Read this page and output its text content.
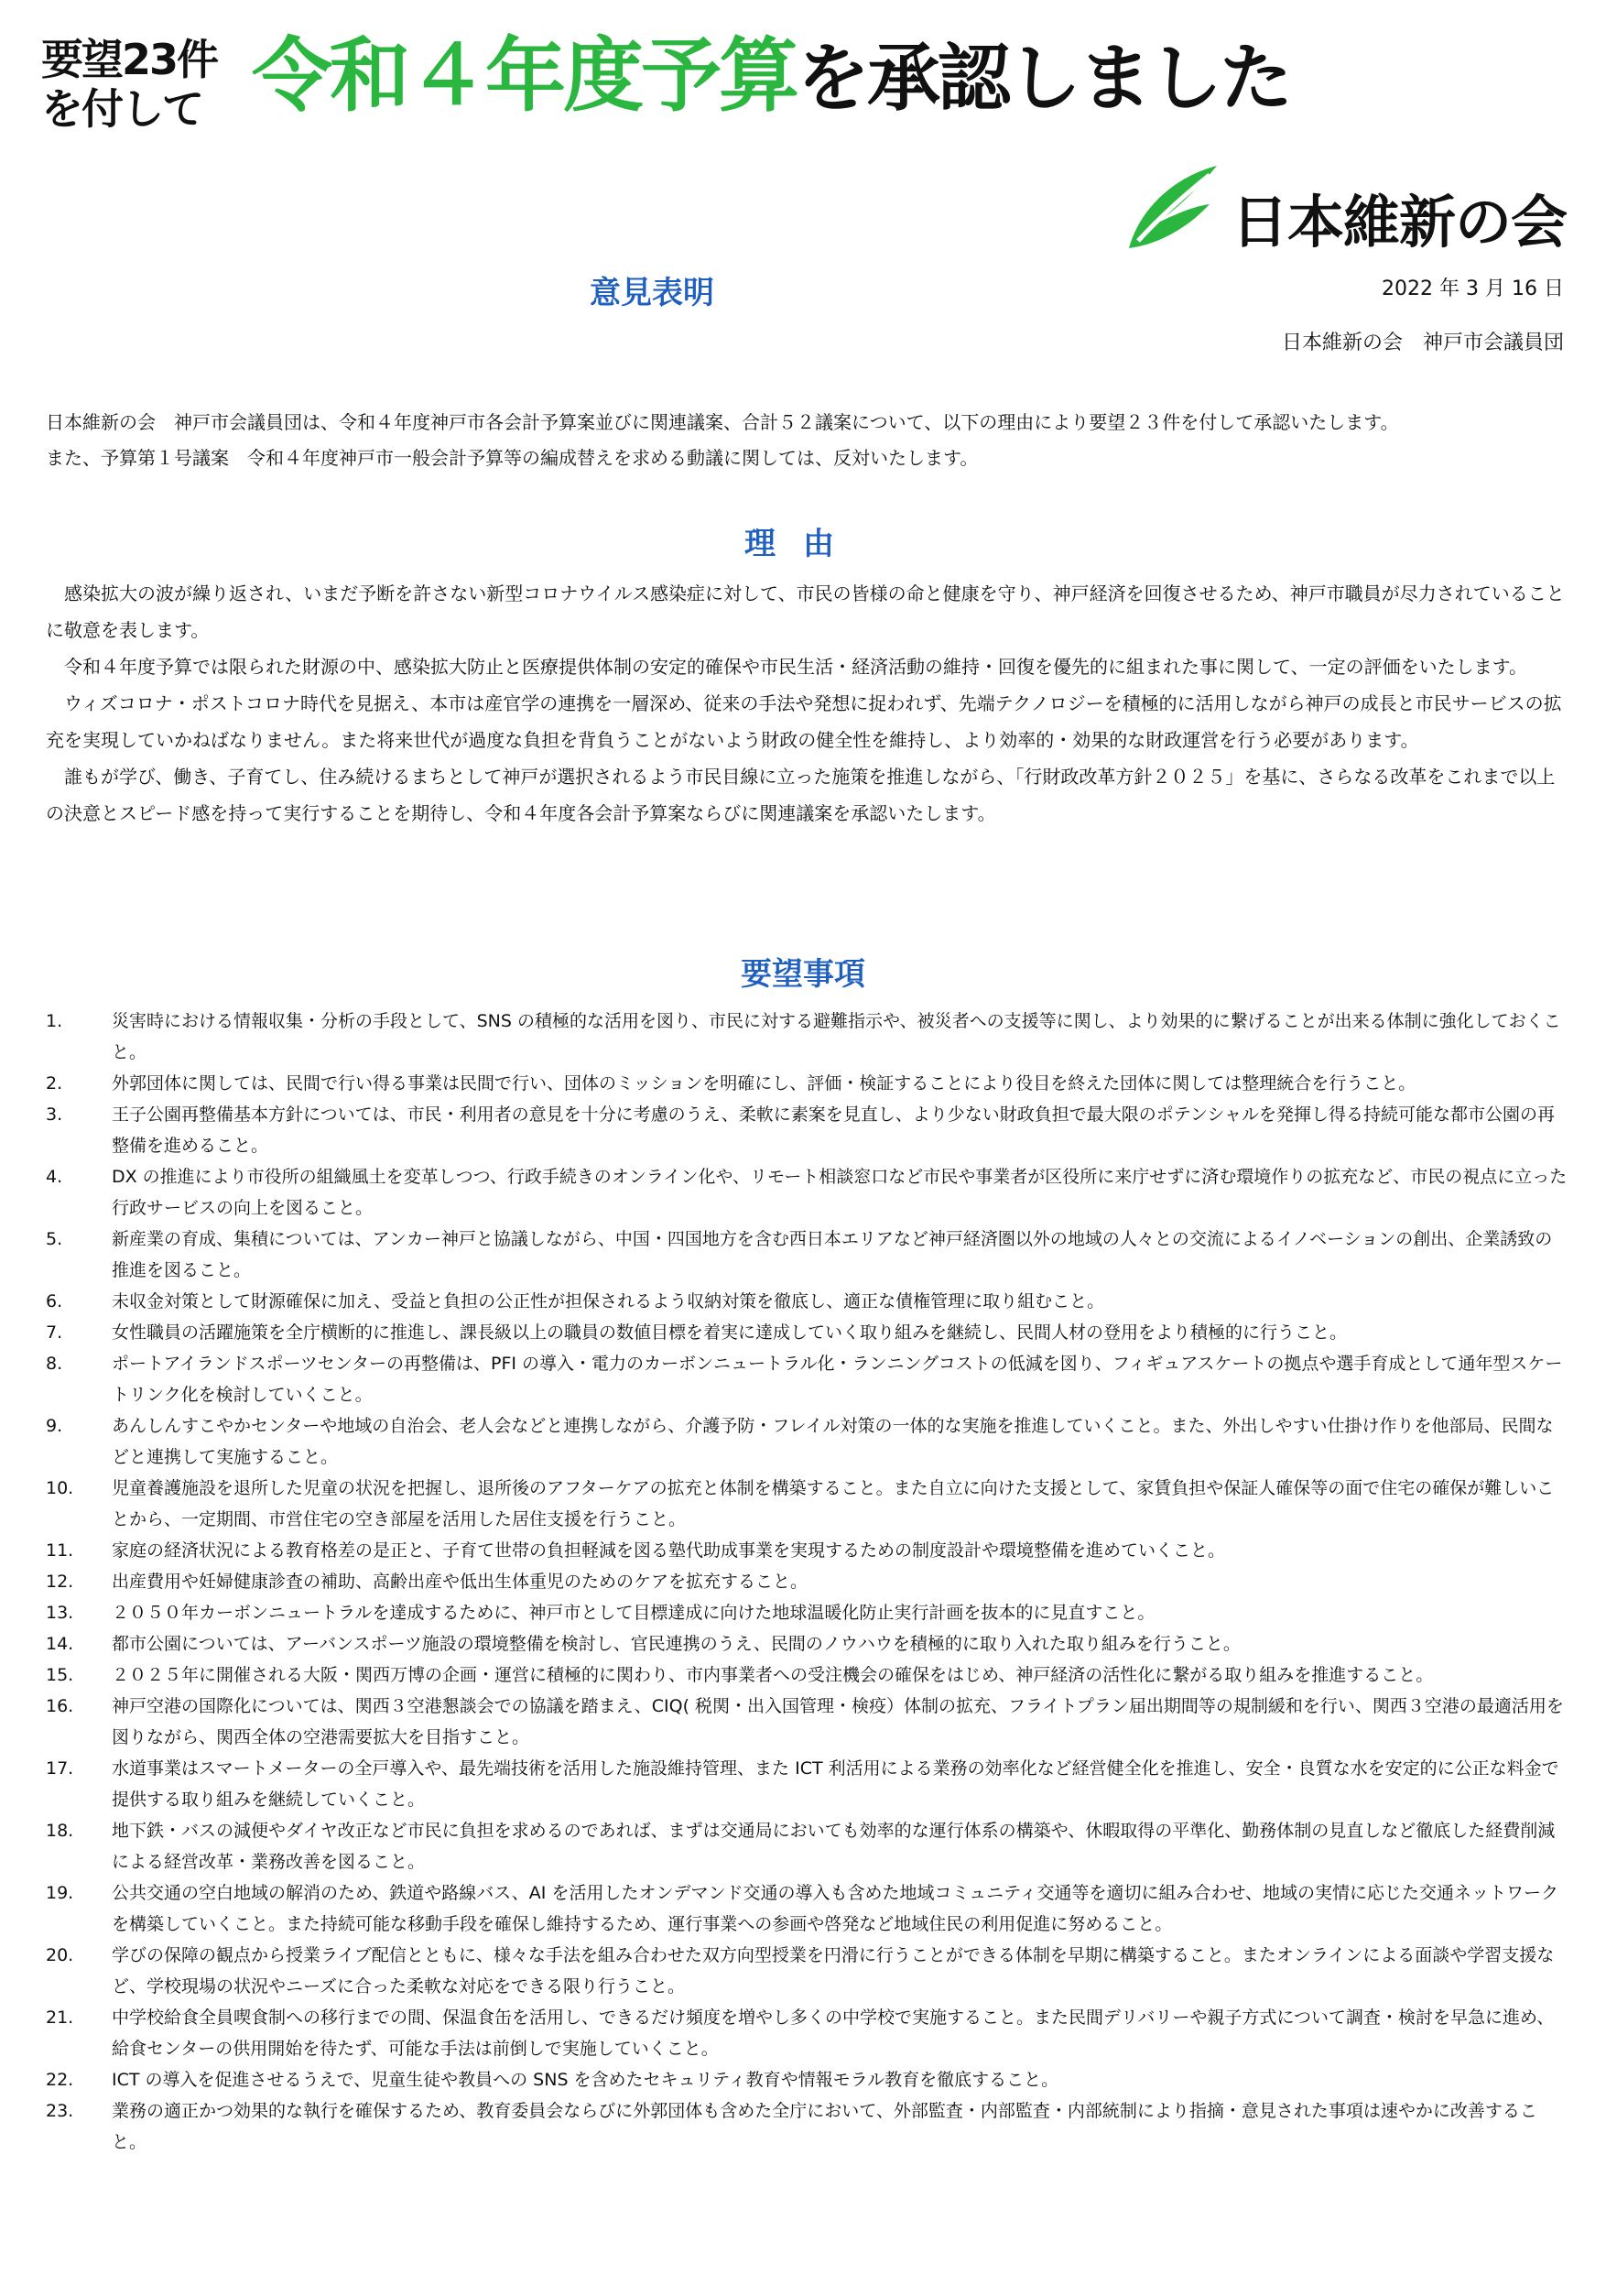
要望23件
を付して 令和４年度予算を承認しました
日本維新の会
意見表明	2022 年 3 月 16 日
日本維新の会　神戸市会議員団

日本維新の会　神戸市会議員団は、令和４年度神戸市各会計予算案並びに関連議案、合計５２議案について、以下の理由により要望２３件を付して承認いたします。

また、予算第１号議案　令和４年度神戸市一般会計予算等の編成替えを求める動議に関しては、反対いたします。

理由

感染拡大の波が繰り返され、いまだ予断を許さない新型コロナウイルス感染症に対して、市民の皆様の命と健康を守り、神戸経済を回復させるため、神戸市職員が尽力されていることに敬意を表します。

令和４年度予算では限られた財源の中、感染拡大防止と医療提供体制の安定的確保や市民生活・経済活動の維持・回復を優先的に組まれた事に関して、一定の評価をいたします。

ウィズコロナ・ポストコロナ時代を見据え、本市は産官学の連携を一層深め、従来の手法や発想に捉われず、先端テクノロジーを積極的に活用しながら神戸の成長と市民サービスの拡充を実現していかねばなりません。また将来世代が過度な負担を背負うことがないよう財政の健全性を維持し、より効率的・効果的な財政運営を行う必要があります。

誰もが学び、働き、子育てし、住み続けるまちとして神戸が選択されるよう市民目線に立った施策を推進しながら、「行財政改革方針２０２５」を基に、さらなる改革をこれまで以上の決意とスピード感を持って実行することを期待し、令和４年度各会計予算案ならびに関連議案を承認いたします。

要望事項
1.	災害時における情報収集・分析の手段として、SNS の積極的な活用を図り、市民に対する避難指示や、被災者への支援等に関し、より効果的に繋げることが出来る体制に強化しておくこと。
2.	外郭団体に関しては、民間で行い得る事業は民間で行い、団体のミッションを明確にし、評価・検証することにより役目を終えた団体に関しては整理統合を行うこと。
3.	王子公園再整備基本方針については、市民・利用者の意見を十分に考慮のうえ、柔軟に素案を見直し、より少ない財政負担で最大限のポテンシャルを発揮し得る持続可能な都市公園の再整備を進めること。
4.	DX の推進により市役所の組織風土を変革しつつ、行政手続きのオンライン化や、リモート相談窓口など市民や事業者が区役所に来庁せずに済む環境作りの拡充など、市民の視点に立った行政サービスの向上を図ること。
5.	新産業の育成、集積については、アンカー神戸と協議しながら、中国・四国地方を含む西日本エリアなど神戸経済圏以外の地域の人々との交流によるイノベーションの創出、企業誘致の推進を図ること。
6.	未収金対策として財源確保に加え、受益と負担の公正性が担保されるよう収納対策を徹底し、適正な債権管理に取り組むこと。
7.	女性職員の活躍施策を全庁横断的に推進し、課長級以上の職員の数値目標を着実に達成していく取り組みを継続し、民間人材の登用をより積極的に行うこと。
8.	ポートアイランドスポーツセンターの再整備は、PFI の導入・電力のカーボンニュートラル化・ランニングコストの低減を図り、フィギュアスケートの拠点や選手育成として通年型スケートリンク化を検討していくこと。
9.	あんしんすこやかセンターや地域の自治会、老人会などと連携しながら、介護予防・フレイル対策の一体的な実施を推進していくこと。また、外出しやすい仕掛け作りを他部局、民間などと連携して実施すること。
10.	児童養護施設を退所した児童の状況を把握し、退所後のアフターケアの拡充と体制を構築すること。また自立に向けた支援として、家賃負担や保証人確保等の面で住宅の確保が難しいことから、一定期間、市営住宅の空き部屋を活用した居住支援を行うこと。
11.	家庭の経済状況による教育格差の是正と、子育て世帯の負担軽減を図る塾代助成事業を実現するための制度設計や環境整備を進めていくこと。
12.	出産費用や妊婦健康診査の補助、高齢出産や低出生体重児のためのケアを拡充すること。
13.	２０５０年カーボンニュートラルを達成するために、神戸市として目標達成に向けた地球温暖化防止実行計画を抜本的に見直すこと。
14.	都市公園については、アーバンスポーツ施設の環境整備を検討し、官民連携のうえ、民間のノウハウを積極的に取り入れた取り組みを行うこと。
15.	２０２５年に開催される大阪・関西万博の企画・運営に積極的に関わり、市内事業者への受注機会の確保をはじめ、神戸経済の活性化に繋がる取り組みを推進すること。
16.	神戸空港の国際化については、関西３空港懇談会での協議を踏まえ、CIQ( 税関・出入国管理・検疫）体制の拡充、フライトプラン届出期間等の規制緩和を行い、関西３空港の最適活用を図りながら、関西全体の空港需要拡大を目指すこと。
17.	水道事業はスマートメーターの全戸導入や、最先端技術を活用した施設維持管理、また ICT 利活用による業務の効率化など経営健全化を推進し、安全・良質な水を安定的に公正な料金で提供する取り組みを継続していくこと。
18.	地下鉄・バスの減便やダイヤ改正など市民に負担を求めるのであれば、まずは交通局においても効率的な運行体系の構築や、休暇取得の平準化、勤務体制の見直しなど徹底した経費削減による経営改革・業務改善を図ること。
19.	公共交通の空白地域の解消のため、鉄道や路線バス、AI を活用したオンデマンド交通の導入も含めた地域コミュニティ交通等を適切に組み合わせ、地域の実情に応じた交通ネットワークを構築していくこと。また持続可能な移動手段を確保し維持するため、運行事業への参画や啓発など地域住民の利用促進に努めること。
20.	学びの保障の観点から授業ライブ配信とともに、様々な手法を組み合わせた双方向型授業を円滑に行うことができる体制を早期に構築すること。またオンラインによる面談や学習支援など、学校現場の状況やニーズに合った柔軟な対応をできる限り行うこと。
21.	中学校給食全員喫食制への移行までの間、保温食缶を活用し、できるだけ頻度を増やし多くの中学校で実施すること。また民間デリバリーや親子方式について調査・検討を早急に進め、給食センターの供用開始を待たず、可能な手法は前倒しで実施していくこと。
22.	ICT の導入を促進させるうえで、児童生徒や教員への SNS を含めたセキュリティ教育や情報モラル教育を徹底すること。
23.	業務の適正かつ効果的な執行を確保するため、教育委員会ならびに外郭団体も含めた全庁において、外部監査・内部監査・内部統制により指摘・意見された事項は速やかに改善すること。
